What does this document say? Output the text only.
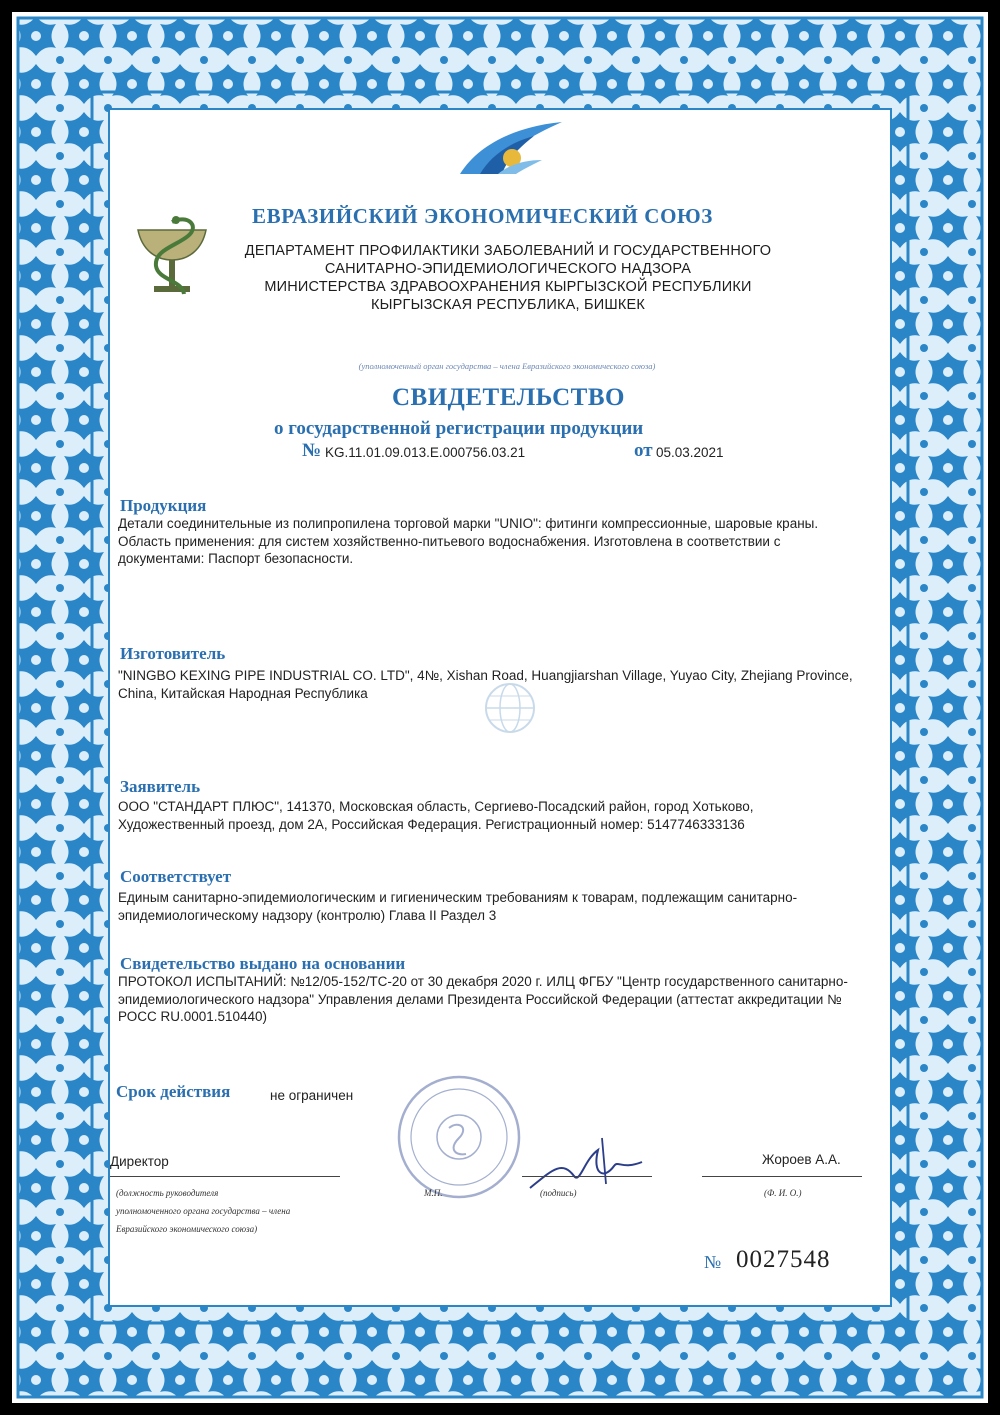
ЕВРАЗИЙСКИЙ ЭКОНОМИЧЕСКИЙ СОЮЗ
ДЕПАРТАМЕНТ ПРОФИЛАКТИКИ ЗАБОЛЕВАНИЙ И ГОСУДАРСТВЕННОГО
САНИТАРНО-ЭПИДЕМИОЛОГИЧЕСКОГО НАДЗОРА
МИНИСТЕРСТВА ЗДРАВООХРАНЕНИЯ КЫРГЫЗСКОЙ РЕСПУБЛИКИ
КЫРГЫЗСКАЯ РЕСПУБЛИКА, БИШКЕК
(уполномоченный орган государства – члена Евразийского экономического союза)
СВИДЕТЕЛЬСТВО
о государственной регистрации продукции
№ KG.11.01.09.013.E.000756.03.21	от 05.03.2021
Продукция
Детали соединительные из полипропилена торговой марки "UNIO": фитинги компрессионные, шаровые краны. Область применения: для систем хозяйственно-питьевого водоснабжения. Изготовлена в соответствии с документами: Паспорт безопасности.
Изготовитель
"NINGBO KEXING PIPE INDUSTRIAL CO. LTD", 4№, Xishan Road, Huangjiarshan Village, Yuyao City, Zhejiang Province, China, Китайская Народная Республика
Заявитель
ООО "СТАНДАРТ ПЛЮС", 141370, Московская область, Сергиево-Посадский район, город Хотьково, Художественный проезд, дом 2А, Российская Федерация. Регистрационный номер: 5147746333136
Соответствует
Единым санитарно-эпидемиологическим и гигиеническим требованиям к товарам, подлежащим санитарно-эпидемиологическому надзору (контролю) Глава II Раздел 3
Свидетельство выдано на основании
ПРОТОКОЛ ИСПЫТАНИЙ: №12/05-152/ТС-20 от 30 декабря 2020 г. ИЛЦ ФГБУ "Центр государственного санитарно-эпидемиологического надзора" Управления делами Президента Российской Федерации (аттестат аккредитации № РОСС RU.0001.510440)
Срок действия	не ограничен
Директор	Жороев А.А.
(должность руководителя
уполномоченного органа государства – члена
Евразийского экономического союза)
М.П.	(подпись)	(Ф. И. О.)
№ 0027548
